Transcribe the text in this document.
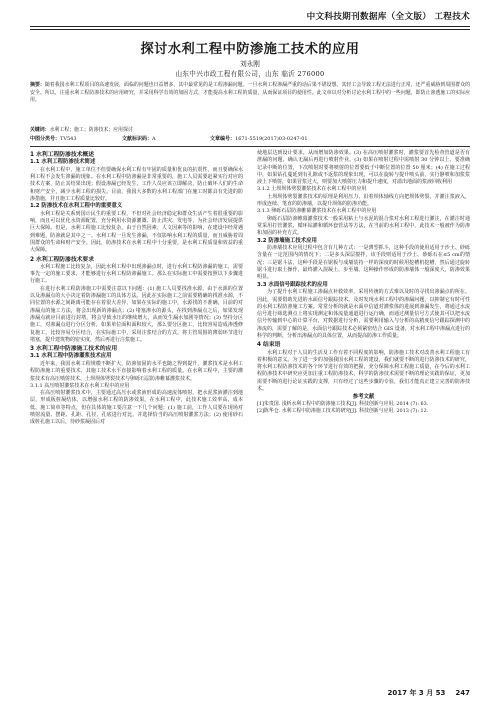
中文科技期刊数据库（全文版） 工程技术
探讨水利工程中防渗施工技术的应用
刘永刚
山东中兴市政工程有限公司，山东 临沂 276000
摘要：随着我国水利工程项目的高速发展，面临的问题也日益增多，其中最常见的是工程渗漏问题。一旦水利工程渗漏严重的话后果不堪设想，其轻工会导致工程无法进行正常，还严重威胁到周围群众的安全。所以，注重水利工程防渗技术的应用研究，并采用科学有效的加固方式，才能提高水利工程的质量，从而保证项目的使用性。此文章以对分析讨论水利工程中的一些问题，即防止渗透施工的实际应用。
关键词：水利工程；施工；防渗技术；应用探讨
中图分类号：TV543	文献标识码：A	文章编号：1671-5519(2017)03-0247-01
1 水利工程防渗技术概述
1.1 水利工程防渗技术简述

在水利工程中，施工单位不但要确保水利工程有牢固的质量和优良的抗震性，而且要确保水利工程不会发生渗漏的现象。在水利工程中防渗漏是非常重要的，施工人员需要赶紧实行对应的技术方案，防止其结果出现；假设渗漏已经发生，工作人员应该立即解决，防止破坏人们的生命和财产安全，减少水利工程的损失。目前，我国大多数的水利工程部门在施工时都具有先进的防渗措施，并且施工工程质量比较好。

1.2 防渗技术在水利工程中的重要意义

水利工程是关系到国计民生的重要工程，不但对社会经济稳定和群众生活产生着很重要的影响，而且可以优化水资源配置，充分利用水资源灌溉、防止洪灾、发电等，为社会经济发展提供巨大保障。但是，水利工程施工比较复杂，由于自然因素、人文因素等的影响，在建设中经常遇到难题，防渗就是其中之一。水利工程一旦发生渗漏，不仅影响水利工程的质量，而且威胁着周围群众的生命和财产安全。因此，防渗技术在水利工程中十分重要，是水利工程质量和效益的重大保障。

2 水利工程防渗技术要求

水利工程施工比较复杂，因此水利工程中出现渗漏点时，进行水利工程防渗漏的施工，需要事先一定的施工要求，才能够进行水利工程防渗漏施工。那么在实际施工中需要按照以下步骤进行施工。

在进行水利工程防渗施工中需要注意以下问题：(1) 施工人员要找准水源，由于水源的位置以及渗漏点的大小决定着防渗漏施工的具体方法。因此在实际施工之前需要精确的找准水源，不同位置的水源之间距离可能存在着很大差异，如果在实际的施工中，水源找的不准确，目前的对渗漏点的施工方法，将会出现新的渗漏点；(2) 堵塞渗水的源头，在找到渗漏点之后，如果发现渗漏点就应目前进行封堵，将会导致水压的继续增大，从而发生漏水加剧等情况；(3) 坚持分区施工，对渗漏点进行分区分析，如果单位面积面积较大，那么要分区施工，比较容易造成渗透修复施工，比较容易分区结合，在实际施工中，采用注浆结合的方式，将主管周围的薄弱环节进行堵塞，提升建筑物的密实度，然后再进行注浆施工。

3 水利工程中防渗施工技术的应用
3.1 水利工程中防渗灌浆技术应用

近年来，我国水利工程规模不断扩大，防渗加固的水平也随之得到提升，灌浆技术是水利工程防渗施工的重要技术，其施工技术水平直接影响着水利工程的质量。在水利工程中，主要的灌浆技术有高压喷射技术、土坝坝体劈裂技术与卵砾石层防渗帷幕灌浆技术。

3.1.1 高压喷射灌浆技术在水利工程中的应用

在高压喷射灌浆技术中，主要通过高压水或浆液形成的高速流体喷射，把水泥浆液灌注到地层，形成板桩凝结体，以增强水利工程的防渗效果。在水利工程中，此技术施工效率高、成本低、施工简单等特点，但在具体的施工要注意一下几个问题：(1) 施工前，工作人员要在现场对喷射流量、摆距、孔距、孔径、孔底进行对比，并选择恰当的高压喷射灌浆方法；(2) 使用砂石成桩孔施工以后，待砂浆凝固后对

使地层达到设计要求，从而增加防渗效果。(3) 在高压喷射灌浆时，灌浆要首先检查管道是否有泄漏的问题，确认无漏后再进行喷射作业。(3) 如果在喷射过程中需喷射 30 分钟以上，要准确记录中断的位置，下次喷射时要将喷射的位置要低于中断位置的位置 50 厘米；(4) 在施工过程中，如果钻孔蔓延到有孔隙或不返浆的现象出现，可以在旋转与提升喷头前，实行静喷和加浆浆液上下喷射，如果冒浆过大，则要加大喷射压力和提升速度，对溢出地面的浆液回收利用

3.1.2 土坝坝体劈裂灌浆技术在水利工程中的应用

土坝坝体劈裂灌浆技术的原理是利用压力，沿着坝体轴线方向把坝体劈裂，并灌注浆液入，形成连续、笔直的防渗墙，以提升坝体的防渗功能。

3.1.3 卵砾石层防渗帷幕灌浆技术在水利工程中的应用

卵砾石层防渗帷幕灌浆技术一般采用粘土与水泥的混合浆对水利工程进行灌注，在灌注时通常采用打管灌浆、循环钻灌和循环套管法等方法，在当前的水利工程中，此技术一般被作为防渗和加固的补充方式。

3.2 防渗墙施工技术应用

防渗墙技术应用过程中包含有几种方式：一是薄型抓斗，这种手段的使用适用于沙土、砂砾含量在一定范围内的情况下；二是多头深层搅拌，该手段则适用于沙土、砂砾石在≤5 cm的情况；三是锯斗法，这种手段是在锯板与成墙装持一样的深度的时候用挖槽机挖槽，然后通过旋转锯斗进行取土操作，最终灌入混凝土，步至墙。这种操作形成的防渗墙体一般深度大，防渗效果明显。

3.3 水面信号跟踪技术的应用

为了提升水利工程施工渗漏点补救效率，采用传统的方式难以及时的寻找出渗漏点的所在。因此，需要借助先进的水面信号跟踪技术，及时发现水利工程中的渗漏问题，以抑制它有时可性的水利工程防渗施工方案。常常分析的就是水面中信道对灌浆体的进展到渗漏发生，将通过水流信号进行筛选测点上将实现测定和体流量通道进行运行确，而通过测量信号方式使其可以把水流信号传输到中心的计算平台，对数据进行分析，需要利用输入与分析的高精度信号跟踪探测中的渗流的，需要了解的是，水面信号跟踪技术必须紧密结合 GIS 设备，对水利工程中渗漏点进行的科学的判断，分析出渗漏点的具体位置，从而提高防渗工作质量。

4 结束语

水利工程对于人员的生活及工作有着不同程度的影响，防渗施工技术对改善水利工程施工有着积极的意义。为了进一步的加强我国水利工程的建设，我们就要不断的进行防渗技术的研究，将水利工程防渗技术的各个环节进行有效的把握，充分保障水利工程施工质量，在今后的水利工程防渗技术中研究应更加注重工程防渗技术，科学的防渗技术需要不断的理论实践的保证，更加需要不断的进行论证实践的支撑，只有经过了这些步骤的专验，我们才能真正建立完善的防渗技术。

参考文献
[1]朱贵国. 浅析水利工程中的防渗施工技术[J]. 科技创新与应用, 2014 (7): 63.
[2]陈华仓. 水利工程中防渗施工技术的研究[J]. 科技创新与应用, 2013 (7): 12.
2017 年 3 月 53 247
